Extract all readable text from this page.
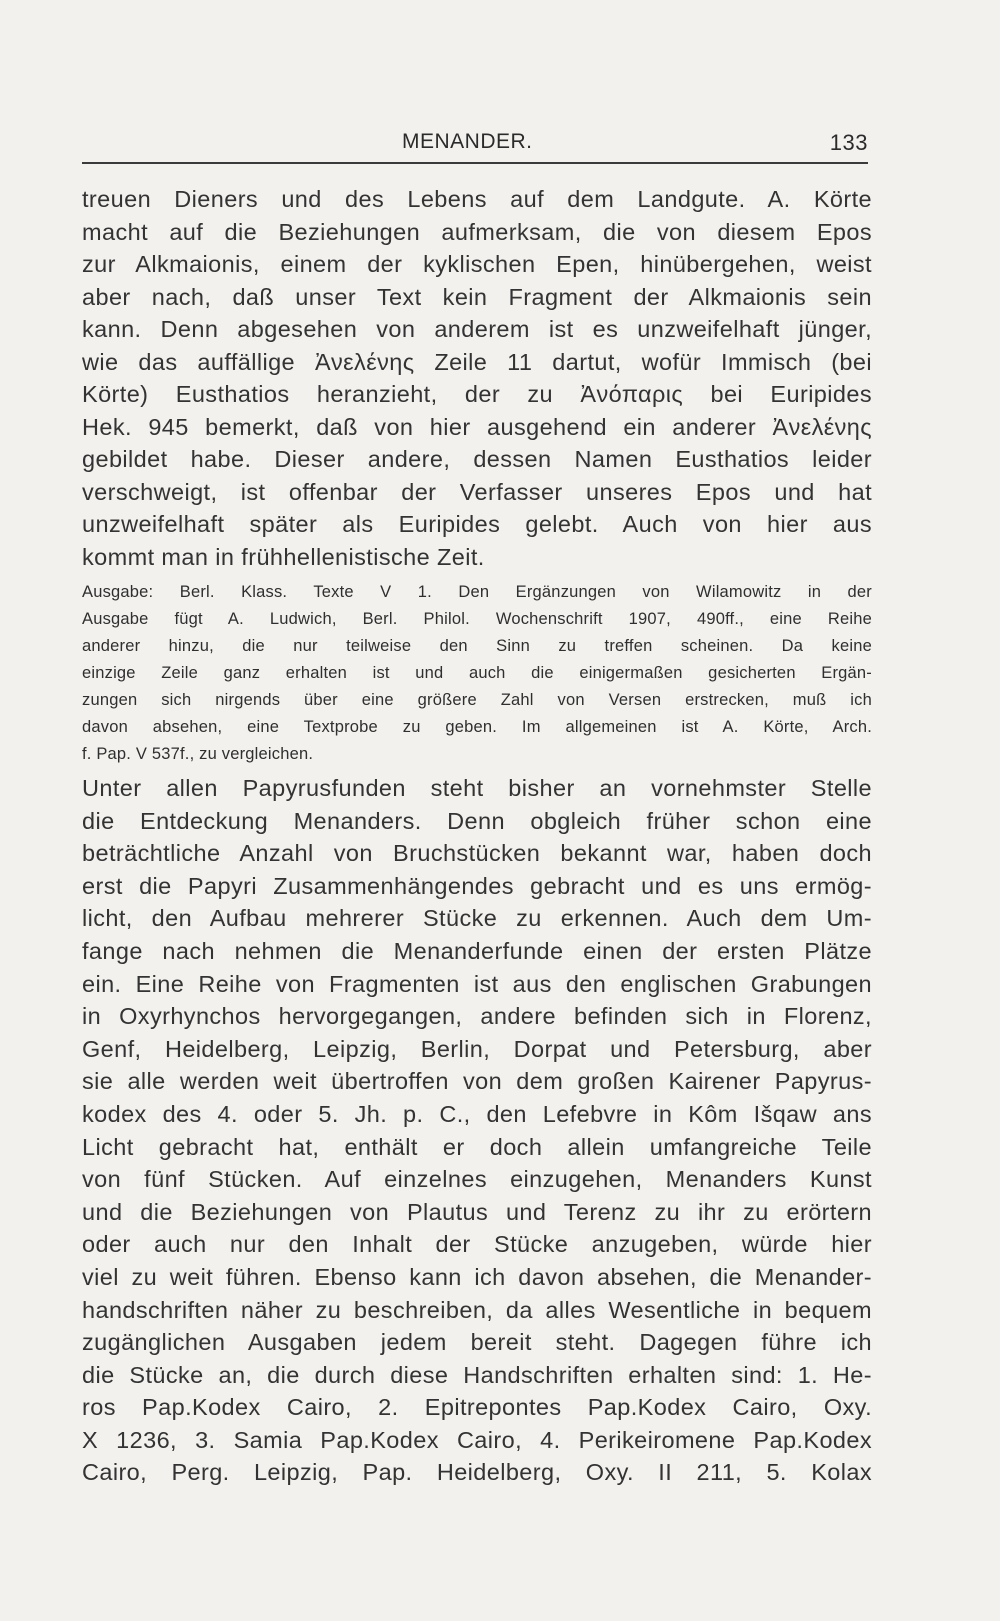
MENANDER.	133
treuen Dieners und des Lebens auf dem Landgute. A. Körte
macht auf die Beziehungen aufmerksam, die von diesem Epos
zur Alkmaionis, einem der kyklischen Epen, hinübergehen, weist
aber nach, daß unser Text kein Fragment der Alkmaionis sein
kann. Denn abgesehen von anderem ist es unzweifelhaft jünger,
wie das auffällige Ἀνελένης Zeile 11 dartut, wofür Immisch (bei
Körte) Eusthatios heranzieht, der zu Ἀνόπαρις bei Euripides
Hek. 945 bemerkt, daß von hier ausgehend ein anderer Ἀνελένης
gebildet habe. Dieser andere, dessen Namen Eusthatios leider
verschweigt, ist offenbar der Verfasser unseres Epos und hat
unzweifelhaft später als Euripides gelebt. Auch von hier aus
kommt man in frühhellenistische Zeit.
Ausgabe: Berl. Klass. Texte V 1. Den Ergänzungen von Wilamowitz in der
Ausgabe fügt A. Ludwich, Berl. Philol. Wochenschrift 1907, 490ff., eine Reihe
anderer hinzu, die nur teilweise den Sinn zu treffen scheinen. Da keine
einzige Zeile ganz erhalten ist und auch die einigermaßen gesicherten Ergän-
zungen sich nirgends über eine größere Zahl von Versen erstrecken, muß ich
davon absehen, eine Textprobe zu geben. Im allgemeinen ist A. Körte, Arch.
f. Pap. V 537f., zu vergleichen.
Unter allen Papyrusfunden steht bisher an vornehmster Stelle
die Entdeckung Menanders. Denn obgleich früher schon eine
beträchtliche Anzahl von Bruchstücken bekannt war, haben doch
erst die Papyri Zusammenhängendes gebracht und es uns ermög-
licht, den Aufbau mehrerer Stücke zu erkennen. Auch dem Um-
fange nach nehmen die Menanderfunde einen der ersten Plätze
ein. Eine Reihe von Fragmenten ist aus den englischen Grabungen
in Oxyrhynchos hervorgegangen, andere befinden sich in Florenz,
Genf, Heidelberg, Leipzig, Berlin, Dorpat und Petersburg, aber
sie alle werden weit übertroffen von dem großen Kairener Papyrus-
kodex des 4. oder 5. Jh. p. C., den Lefebvre in Kôm Išqaw ans
Licht gebracht hat, enthält er doch allein umfangreiche Teile
von fünf Stücken. Auf einzelnes einzugehen, Menanders Kunst
und die Beziehungen von Plautus und Terenz zu ihr zu erörtern
oder auch nur den Inhalt der Stücke anzugeben, würde hier
viel zu weit führen. Ebenso kann ich davon absehen, die Menander-
handschriften näher zu beschreiben, da alles Wesentliche in bequem
zugänglichen Ausgaben jedem bereit steht. Dagegen führe ich
die Stücke an, die durch diese Handschriften erhalten sind: 1. He-
ros Pap.Kodex Cairo, 2. Epitrepontes Pap.Kodex Cairo, Oxy.
X 1236, 3. Samia Pap.Kodex Cairo, 4. Perikeiromene Pap.Kodex
Cairo, Perg. Leipzig, Pap. Heidelberg, Oxy. II 211, 5. Kolax
